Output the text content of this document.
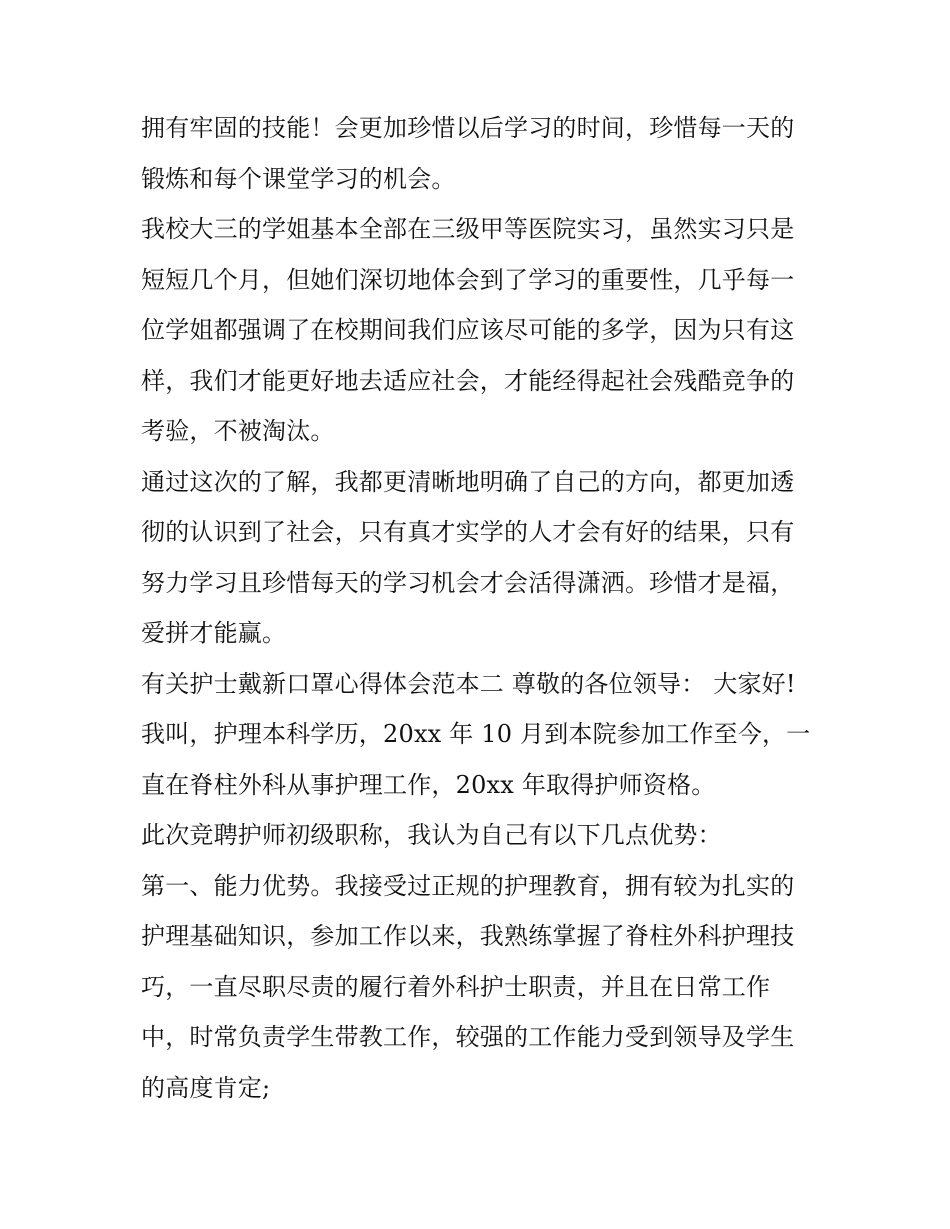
拥有牢固的技能！会更加珍惜以后学习的时间，珍惜每一天的
锻炼和每个课堂学习的机会。
我校大三的学姐基本全部在三级甲等医院实习，虽然实习只是
短短几个月，但她们深切地体会到了学习的重要性，几乎每一
位学姐都强调了在校期间我们应该尽可能的多学，因为只有这
样，我们才能更好地去适应社会，才能经得起社会残酷竞争的
考验，不被淘汰。
通过这次的了解，我都更清晰地明确了自己的方向，都更加透
彻的认识到了社会，只有真才实学的人才会有好的结果，只有
努力学习且珍惜每天的学习机会才会活得潇洒。珍惜才是福，
爱拼才能赢。
有关护士戴新口罩心得体会范本二 尊敬的各位领导： 大家好!
我叫，护理本科学历，20xx 年 10 月到本院参加工作至今，一
直在脊柱外科从事护理工作，20xx 年取得护师资格。
此次竞聘护师初级职称，我认为自己有以下几点优势：
第一、能力优势。我接受过正规的护理教育，拥有较为扎实的
护理基础知识，参加工作以来，我熟练掌握了脊柱外科护理技
巧，一直尽职尽责的履行着外科护士职责，并且在日常工作
中，时常负责学生带教工作，较强的工作能力受到领导及学生
的高度肯定;
